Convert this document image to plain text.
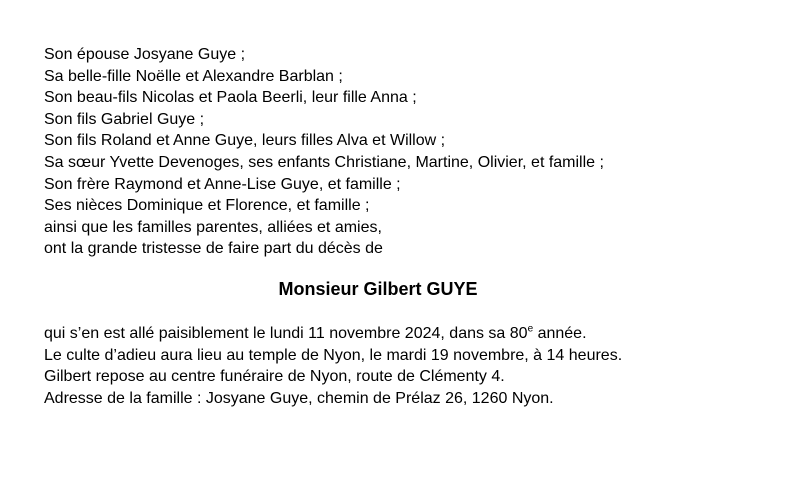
Son épouse Josyane Guye ;
Sa belle-fille Noëlle et Alexandre Barblan ;
Son beau-fils Nicolas et Paola Beerli, leur fille Anna ;
Son fils Gabriel Guye ;
Son fils Roland et Anne Guye, leurs filles Alva et Willow ;
Sa sœur Yvette Devenoges, ses enfants Christiane, Martine, Olivier, et famille ;
Son frère Raymond et Anne-Lise Guye, et famille ;
Ses nièces Dominique et Florence, et famille ;
ainsi que les familles parentes, alliées et amies,
ont la grande tristesse de faire part du décès de
Monsieur Gilbert GUYE
qui s’en est allé paisiblement le lundi 11 novembre 2024, dans sa 80e année.
Le culte d’adieu aura lieu au temple de Nyon, le mardi 19 novembre, à 14 heures.
Gilbert repose au centre funéraire de Nyon, route de Clémenty 4.
Adresse de la famille : Josyane Guye, chemin de Prélaz 26, 1260 Nyon.
